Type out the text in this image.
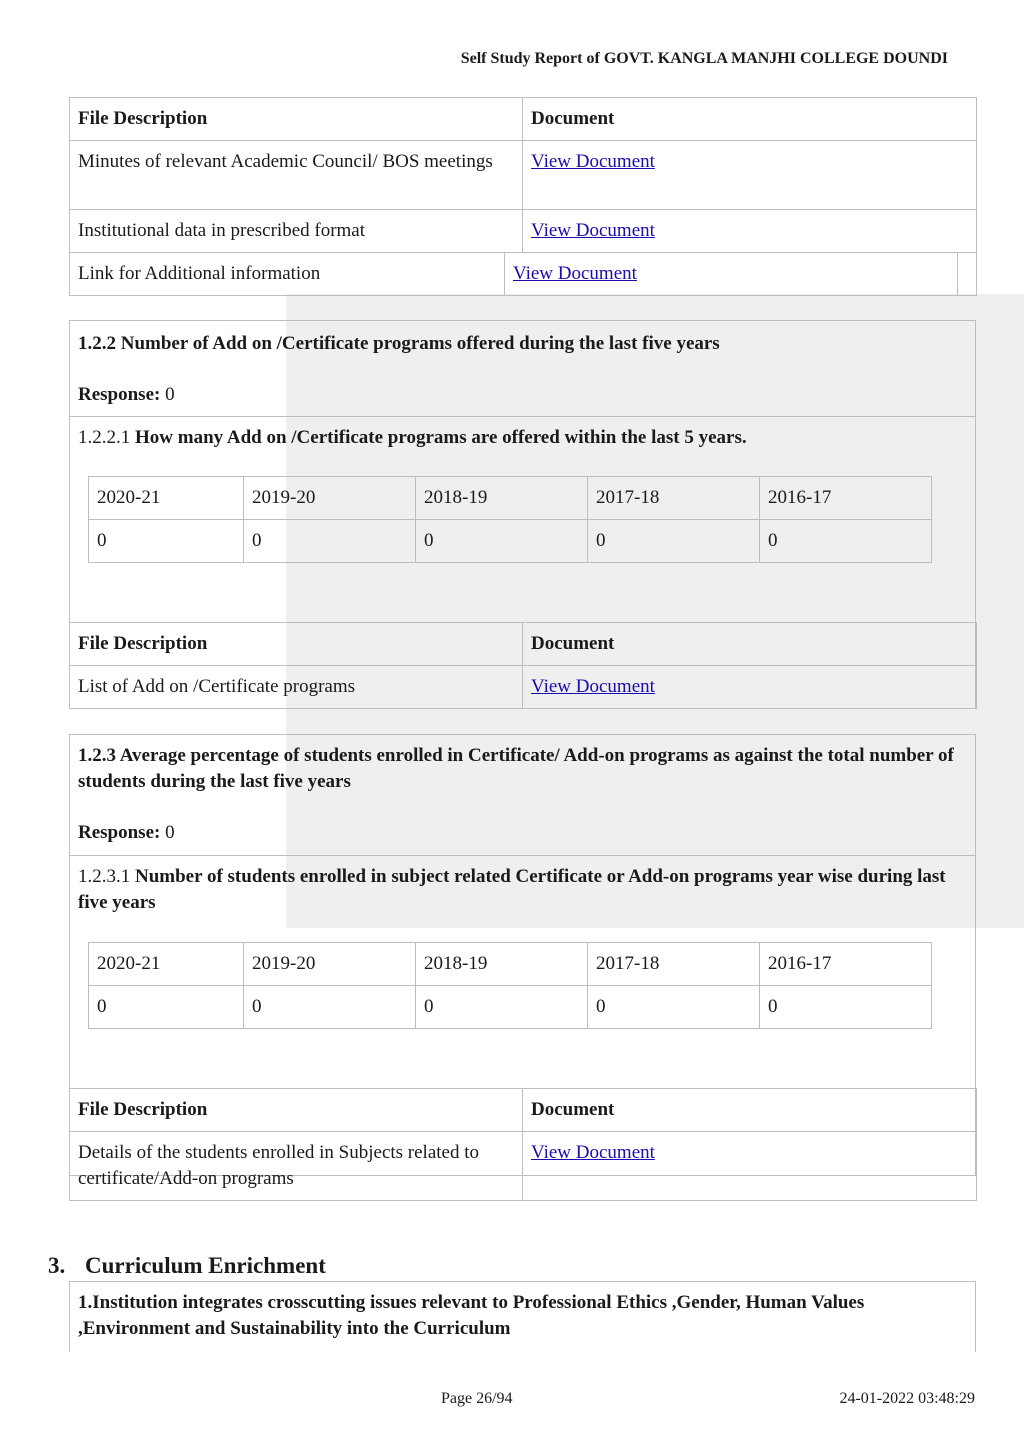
Self Study Report of GOVT. KANGLA MANJHI COLLEGE DOUNDI
File Description	Document
Minutes of relevant Academic Council/ BOS meetings	View Document
Institutional data in prescribed format	View Document
Link for Additional information	View Document	
1.2.2 Number of Add on /Certificate programs offered during the last five years
Response: 0
1.2.2.1 How many Add on /Certificate programs are offered within the last 5 years.
2020-21	2019-20	2018-19	2017-18	2016-17
0	0	0	0	0
File Description	Document
List of Add on /Certificate programs	View Document
1.2.3 Average percentage of students enrolled in Certificate/ Add-on programs as against the total number of students during the last five years
Response: 0
1.2.3.1 Number of students enrolled in subject related Certificate or Add-on programs year wise during last five years
2020-21	2019-20	2018-19	2017-18	2016-17
0	0	0	0	0
File Description	Document
Details of the students enrolled in Subjects related to certificate/Add-on programs	View Document
3. Curriculum Enrichment
1.Institution integrates crosscutting issues relevant to Professional Ethics ,Gender, Human Values ,Environment and Sustainability into the Curriculum
Page 26/94	24-01-2022 03:48:29
